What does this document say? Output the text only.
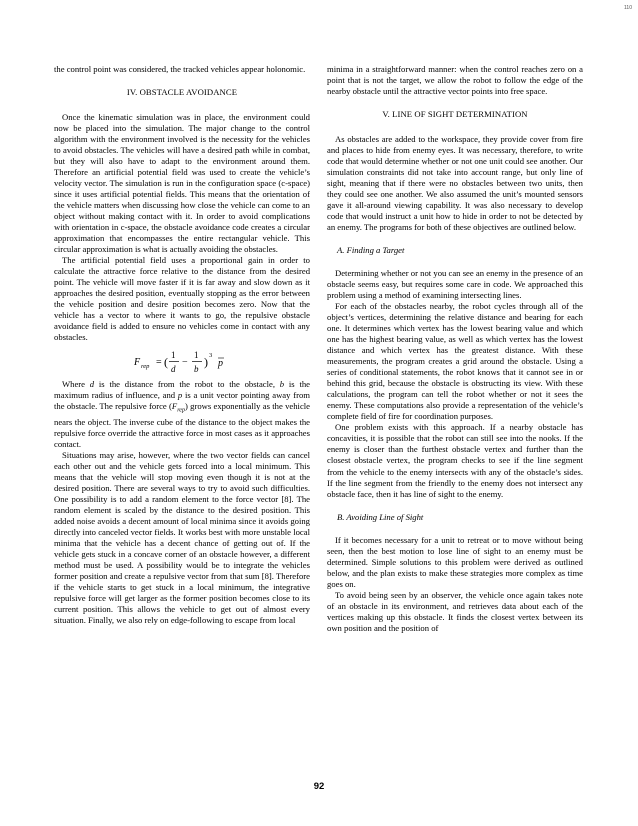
110

the control point was considered, the tracked vehicles appear holonomic.

IV. OBSTACLE AVOIDANCE

Once the kinematic simulation was in place, the environment could now be placed into the simulation. The major change to the control algorithm with the environment involved is the necessity for the vehicles to avoid obstacles. The vehicles will have a desired path while in combat, but they will also have to adapt to the environment around them. Therefore an artificial potential field was used to create the vehicle’s velocity vector. The simulation is run in the configuration space (c-space) since it uses artificial potential fields. This means that the orientation of the vehicle matters when discussing how close the vehicle can come to an object without making contact with it. In order to avoid complications with orientation in c-space, the obstacle avoidance code creates a circular approximation that encompasses the entire rectangular vehicle. This circular approximation is what is actually avoiding the obstacles.

The artificial potential field uses a proportional gain in order to calculate the attractive force relative to the distance from the desired point. The vehicle will move faster if it is far away and slow down as it approaches the desired position, eventually stopping as the error between the vehicle position and desire position becomes zero. Now that the vehicle has a vector to where it wants to go, the repulsive obstacle avoidance field is added to ensure no vehicles come in contact with any obstacles.

F rep = ( 1
d
−
1
b ) 3
p

Where d is the distance from the robot to the obstacle, b is the maximum radius of influence, and p is a unit vector pointing away from the obstacle. The repulsive force $(F_{rep})$ grows exponentially as the vehicle nears the object. The inverse cube of the distance to the object makes the repulsive force override the attractive force in most cases as it approaches contact.

Situations may arise, however, where the two vector fields can cancel each other out and the vehicle gets forced into a local minimum. This means that the vehicle will stop moving even though it is not at the desired position. There are several ways to try to avoid such difficulties. One possibility is to add a random element to the force vector [8]. The random element is scaled by the distance to the desired position. This added noise avoids a decent amount of local minima since it avoids going directly into canceled vector fields. It works best with more unstable local minima that the vehicle has a decent chance of getting out of. If the vehicle gets stuck in a concave corner of an obstacle however, a different method must be used. A possibility would be to integrate the vehicles former position and create a repulsive vector from that sum [8]. Therefore if the vehicle starts to get stuck in a local minimum, the integrative repulsive force will get larger as the former position becomes close to its current position. This allows the vehicle to get out of almost every situation. Finally, we also rely on edge-following to escape from local

minima in a straightforward manner: when the control reaches zero on a point that is not the target, we allow the robot to follow the edge of the nearby obstacle until the attractive vector points into free space.

V. LINE OF SIGHT DETERMINATION

As obstacles are added to the workspace, they provide cover from fire and places to hide from enemy eyes. It was necessary, therefore, to write code that would determine whether or not one unit could see another. Our simulation constraints did not take into account range, but only line of sight, meaning that if there were no obstacles between two units, then they could see one another. We also assumed the unit’s mounted sensors gave it all-around viewing capability. It was also necessary to develop code that would instruct a unit how to hide in order to not be detected by an enemy. The programs for both of these objectives are outlined below.

A. Finding a Target

Determining whether or not you can see an enemy in the presence of an obstacle seems easy, but requires some care in code. We approached this problem using a method of examining intersecting lines.

For each of the obstacles nearby, the robot cycles through all of the object’s vertices, determining the relative distance and bearing for each one. It determines which vertex has the lowest bearing value and which one has the highest bearing value, as well as which vertex has the lowest distance and which vertex has the greatest distance. With these measurements, the program creates a grid around the obstacle. Using a series of conditional statements, the robot knows that it cannot see in or behind this grid, because the obstacle is obstructing its view. With these calculations, the program can tell the robot whether or not it sees the enemy. These computations also provide a representation of the vehicle’s complete field of fire for coordination purposes.

One problem exists with this approach. If a nearby obstacle has concavities, it is possible that the robot can still see into the nooks. If the enemy is closer than the furthest obstacle vertex and further than the closest obstacle vertex, the program checks to see if the line segment from the vehicle to the enemy intersects with any of the obstacle’s sides. If the line segment from the friendly to the enemy does not intersect any obstacle face, then it has line of sight to the enemy.

B. Avoiding Line of Sight

If it becomes necessary for a unit to retreat or to move without being seen, then the best motion to lose line of sight to an enemy must be determined. Simple solutions to this problem were derived as outlined below, and the plan exists to make these strategies more complex as time goes on.

To avoid being seen by an observer, the vehicle once again takes note of an obstacle in its environment, and retrieves data about each of the vertices making up this obstacle. It finds the closest vertex between its own position and the position of

92
